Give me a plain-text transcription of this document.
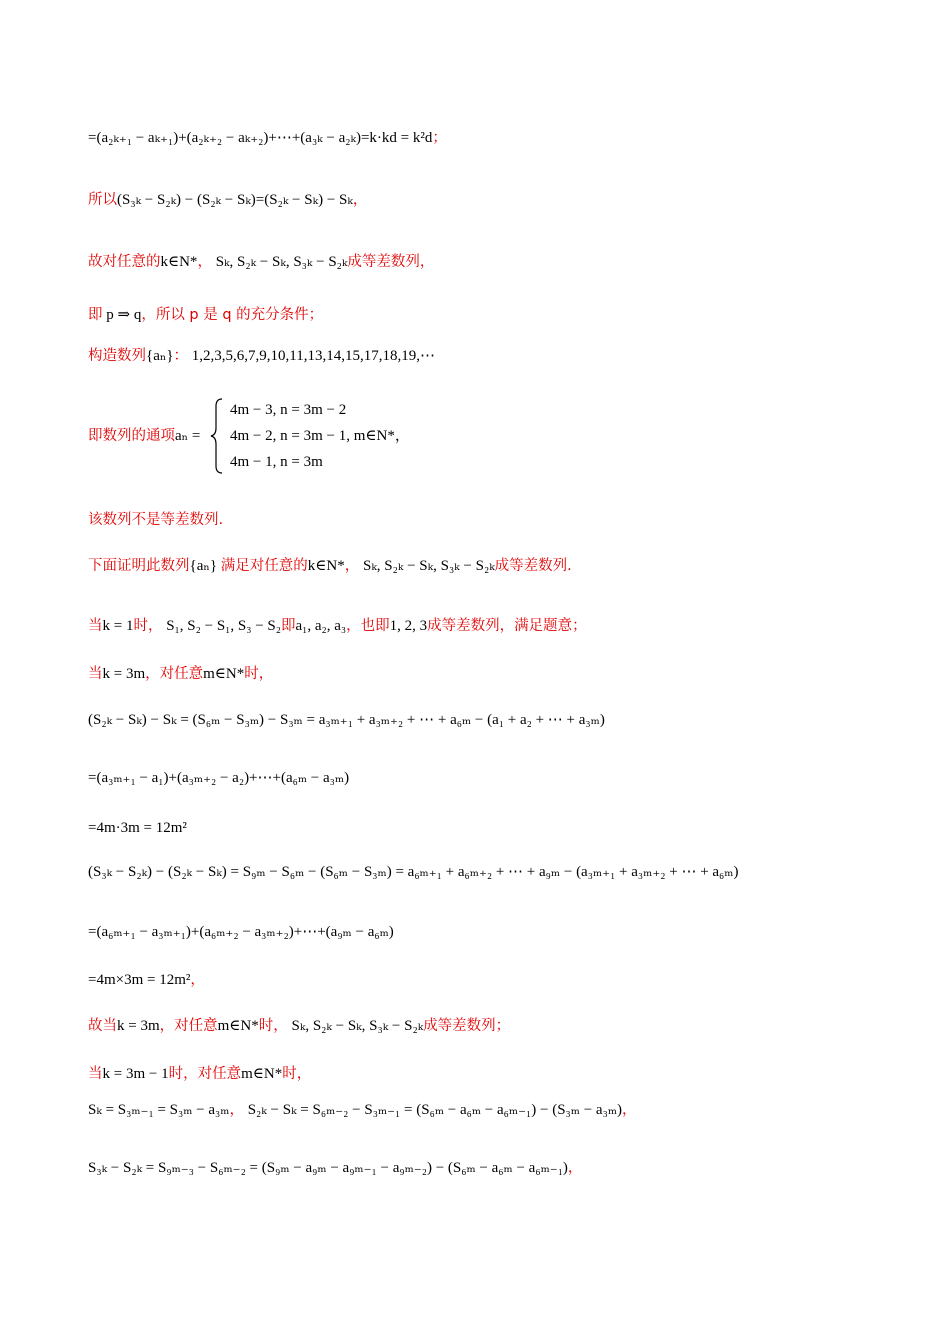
=(a₂ₖ₊₁ − aₖ₊₁)+(a₂ₖ₊₂ − aₖ₊₂)+⋯+(a₃ₖ − a₂ₖ)=k·kd = k²d；
所以(S₃ₖ − S₂ₖ) − (S₂ₖ − Sₖ)=(S₂ₖ − Sₖ) − Sₖ，
故对任意的k∈N*， Sₖ, S₂ₖ − Sₖ, S₃ₖ − S₂ₖ成等差数列，
即 p ⇒ q，所以 p 是 q 的充分条件；
构造数列{aₙ}： 1,2,3,5,6,7,9,10,11,13,14,15,17,18,19,⋯
即数列的通项aₙ =
4m − 3, n = 3m − 2
4m − 2, n = 3m − 1, m∈N*，
4m − 1, n = 3m
该数列不是等差数列.
下面证明此数列{aₙ} 满足对任意的k∈N*， Sₖ, S₂ₖ − Sₖ, S₃ₖ − S₂ₖ成等差数列.
当k = 1时， S₁, S₂ − S₁, S₃ − S₂即a₁, a₂, a₃，也即1, 2, 3成等差数列，满足题意；
当k = 3m，对任意m∈N*时，
(S₂ₖ − Sₖ) − Sₖ = (S₆ₘ − S₃ₘ) − S₃ₘ = a₃ₘ₊₁ + a₃ₘ₊₂ + ⋯ + a₆ₘ − (a₁ + a₂ + ⋯ + a₃ₘ)
=(a₃ₘ₊₁ − a₁)+(a₃ₘ₊₂ − a₂)+⋯+(a₆ₘ − a₃ₘ)
=4m·3m = 12m²
(S₃ₖ − S₂ₖ) − (S₂ₖ − Sₖ) = S₉ₘ − S₆ₘ − (S₆ₘ − S₃ₘ) = a₆ₘ₊₁ + a₆ₘ₊₂ + ⋯ + a₉ₘ − (a₃ₘ₊₁ + a₃ₘ₊₂ + ⋯ + a₆ₘ)
=(a₆ₘ₊₁ − a₃ₘ₊₁)+(a₆ₘ₊₂ − a₃ₘ₊₂)+⋯+(a₉ₘ − a₆ₘ)
=4m×3m = 12m²，
故当k = 3m，对任意m∈N*时， Sₖ, S₂ₖ − Sₖ, S₃ₖ − S₂ₖ成等差数列；
当k = 3m − 1时，对任意m∈N*时，
Sₖ = S₃ₘ₋₁ = S₃ₘ − a₃ₘ， S₂ₖ − Sₖ = S₆ₘ₋₂ − S₃ₘ₋₁ = (S₆ₘ − a₆ₘ − a₆ₘ₋₁) − (S₃ₘ − a₃ₘ)，
S₃ₖ − S₂ₖ = S₉ₘ₋₃ − S₆ₘ₋₂ = (S₉ₘ − a₉ₘ − a₉ₘ₋₁ − a₉ₘ₋₂) − (S₆ₘ − a₆ₘ − a₆ₘ₋₁)，
